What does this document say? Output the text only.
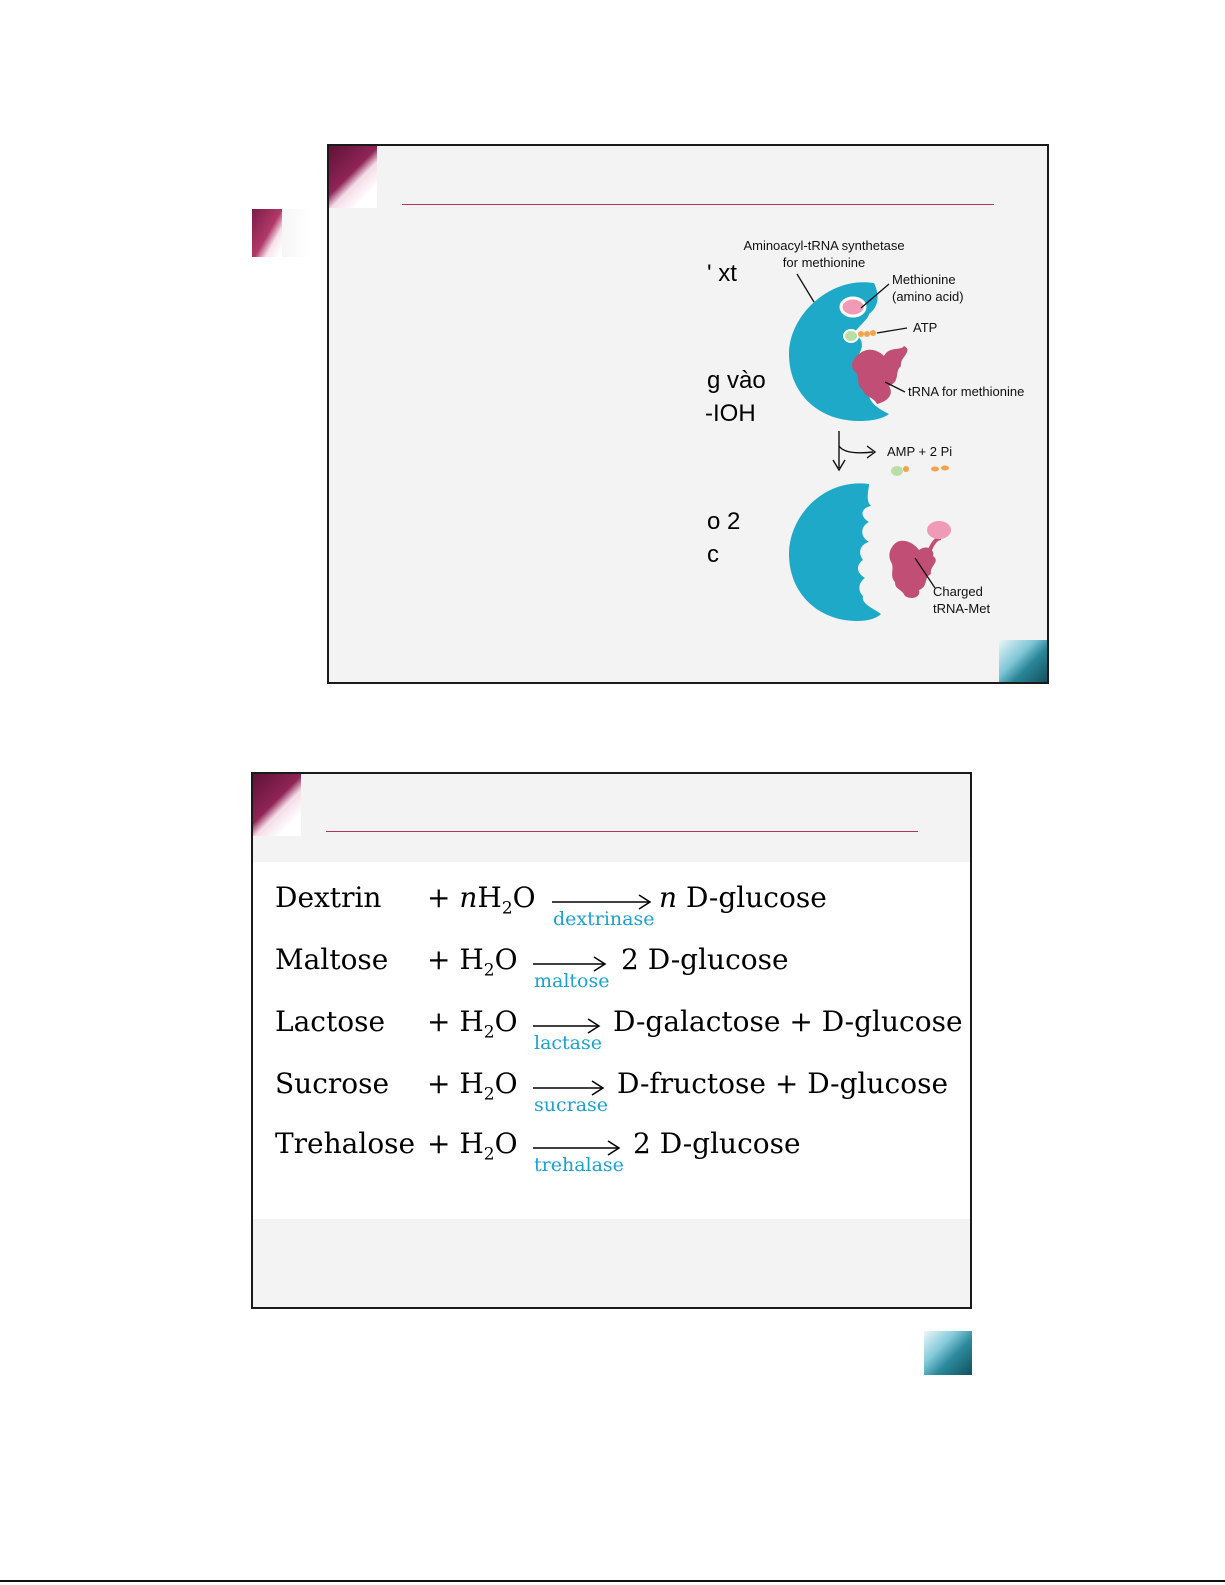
' xt
g vào
-IOH
o 2
c
Aminoacyl-tRNA synthetase
for methionine
Methionine
(amino acid)
ATP
tRNA for methionine
AMP + 2 Pi
Charged
tRNA-Met
Dextrin + $nH_2O$
dextrinase
n D-glucose
Maltose + $H_2O$
maltose
2 D-glucose
Lactose + $H_2O$
lactase
D-galactose + D-glucose
Sucrose + $H_2O$
sucrase
D-fructose + D-glucose
Trehalose + $H_2O$
trehalase
2 D-glucose
